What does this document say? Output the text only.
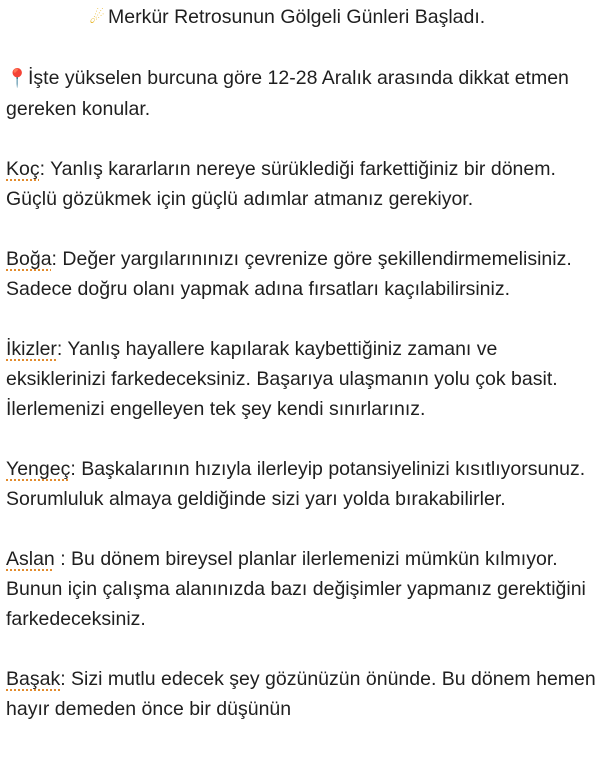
☄ Merkür Retrosunun Gölgeli Günleri Başladı.

📍İşte yükselen burcuna göre 12-28 Aralık arasında dikkat etmen gereken konular.

Koç: Yanlış kararların nereye sürüklediği farkettiğiniz bir dönem. Güçlü gözükmek için güçlü adımlar atmanız gerekiyor.

Boğa: Değer yargılarınınızı çevrenize göre şekillendirmemelisiniz. Sadece doğru olanı yapmak adına fırsatları kaçılabilirsiniz.

İkizler: Yanlış hayallere kapılarak kaybettiğiniz zamanı ve eksiklerinizi farkedeceksiniz. Başarıya ulaşmanın yolu çok basit. İlerlemenizi engelleyen tek şey kendi sınırlarınız.

Yengeç: Başkalarının hızıyla ilerleyip potansiyelinizi kısıtlıyorsunuz. Sorumluluk almaya geldiğinde sizi yarı yolda bırakabilirler.

Aslan : Bu dönem bireysel planlar ilerlemenizi mümkün kılmıyor. Bunun için çalışma alanınızda bazı değişimler yapmanız gerektiğini farkedeceksiniz.

Başak: Sizi mutlu edecek şey gözünüzün önünde. Bu dönem hemen hayır demeden önce bir düşünün
